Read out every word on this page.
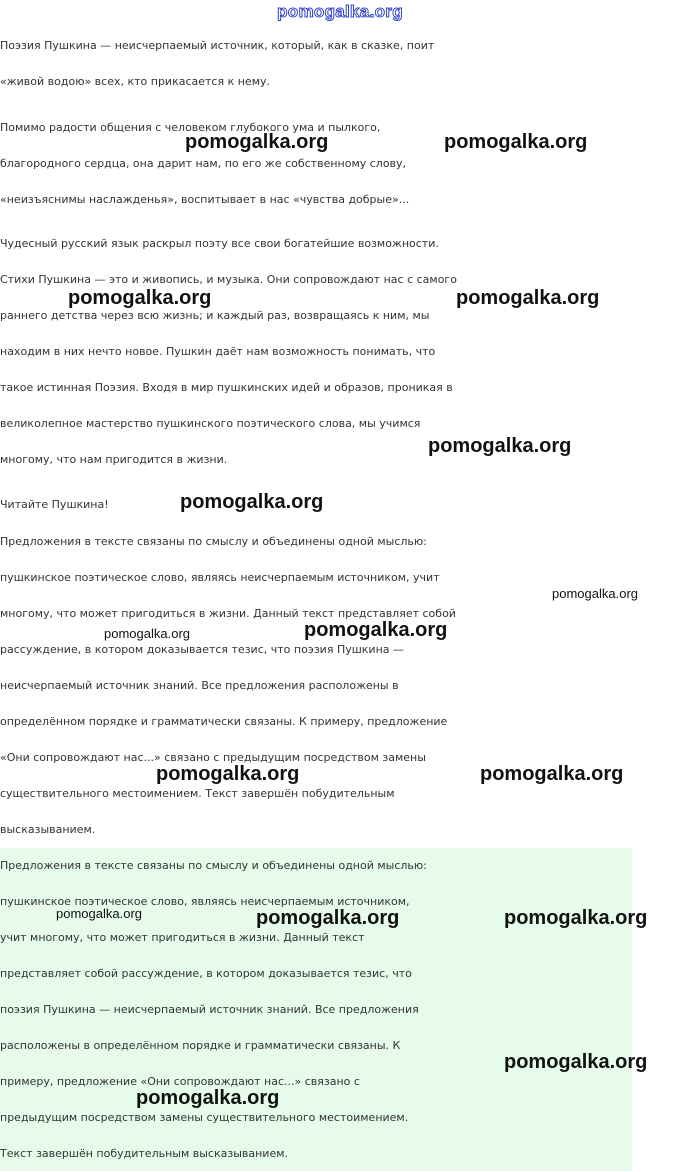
pomogalka.org

Поэзия Пушкина — неисчерпаемый источник, который, как в сказке, поит
«живой водою» всех, кто прикасается к нему.

Помимо радости общения с человеком глубокого ума и пылкого,
благородного сердца, она дарит нам, по его же собственному слову,
«неизъяснимы наслажденья», воспитывает в нас «чувства добрые»...

Чудесный русский язык раскрыл поэту все свои богатейшие возможности.
Стихи Пушкина — это и живопись, и музыка. Они сопровождают нас с самого
раннего детства через всю жизнь; и каждый раз, возвращаясь к ним, мы
находим в них нечто новое. Пушкин даёт нам возможность понимать, что
такое истинная Поэзия. Входя в мир пушкинских идей и образов, проникая в
великолепное мастерство пушкинского поэтического слова, мы учимся
многому, что нам пригодится в жизни.

Читайте Пушкина!

Предложения в тексте связаны по смыслу и объединены одной мыслью:
пушкинское поэтическое слово, являясь неисчерпаемым источником, учит
многому, что может пригодиться в жизни. Данный текст представляет собой
рассуждение, в котором доказывается тезис, что поэзия Пушкина —
неисчерпаемый источник знаний. Все предложения расположены в
определённом порядке и грамматически связаны. К примеру, предложение
«Они сопровождают нас...» связано с предыдущим посредством замены
существительного местоимением. Текст завершён побудительным
высказыванием.

Предложения в тексте связаны по смыслу и объединены одной мыслью:
пушкинское поэтическое слово, являясь неисчерпаемым источником,
учит многому, что может пригодиться в жизни. Данный текст
представляет собой рассуждение, в котором доказывается тезис, что
поэзия Пушкина — неисчерпаемый источник знаний. Все предложения
расположены в определённом порядке и грамматически связаны. К
примеру, предложение «Они сопровождают нас...» связано с
предыдущим посредством замены существительного местоимением.
Текст завершён побудительным высказыванием.

pomogalka.org	pomogalka.org
pomogalka.org	pomogalka.org
pomogalka.org
pomogalka.org
pomogalka.org
pomogalka.org	pomogalka.org
pomogalka.org	pomogalka.org
pomogalka.org	pomogalka.org	pomogalka.org
pomogalka.org
pomogalka.org
